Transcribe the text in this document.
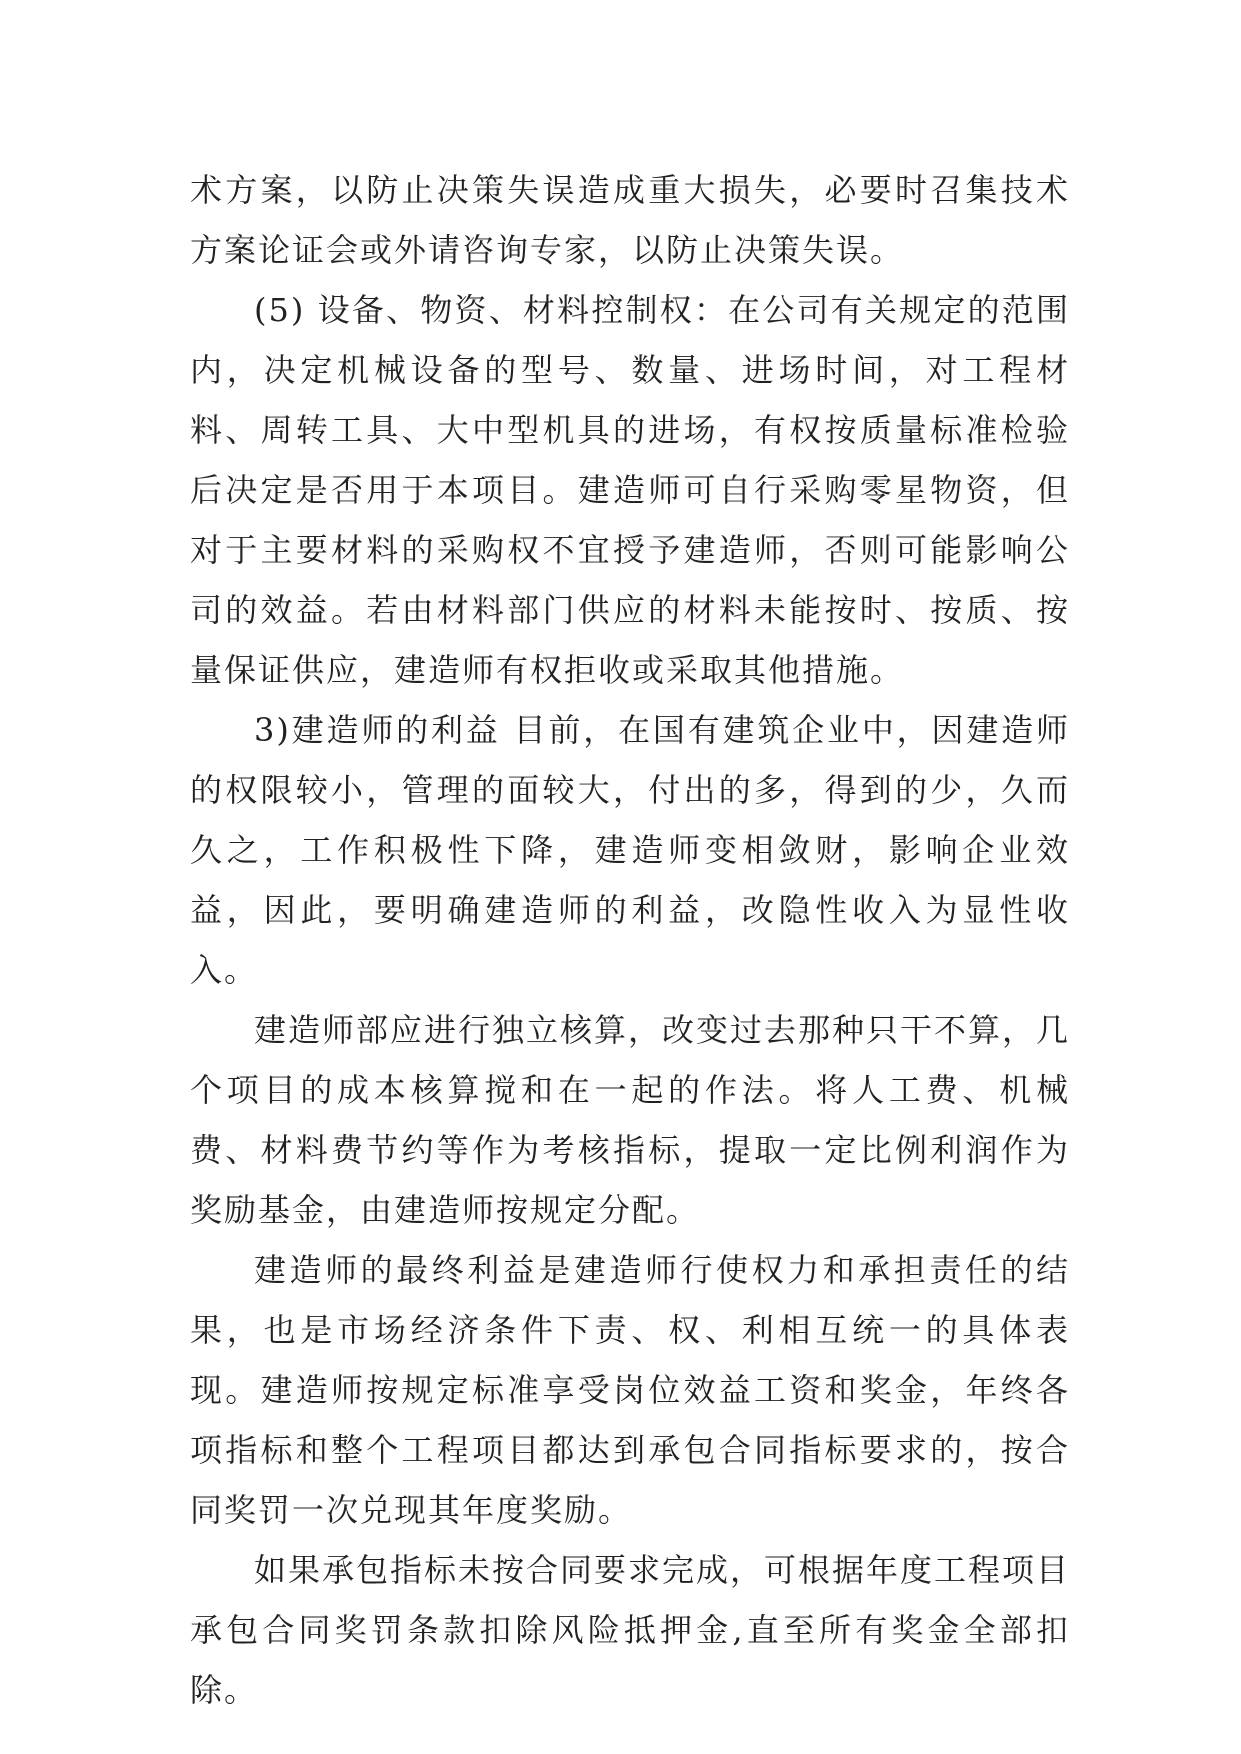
术方案，以防止决策失误造成重大损失，必要时召集技术方案论证会或外请咨询专家，以防止决策失误。

(5) 设备、物资、材料控制权：在公司有关规定的范围内，决定机械设备的型号、数量、进场时间，对工程材料、周转工具、大中型机具的进场，有权按质量标准检验后决定是否用于本项目。建造师可自行采购零星物资，但对于主要材料的采购权不宜授予建造师，否则可能影响公司的效益。若由材料部门供应的材料未能按时、按质、按量保证供应，建造师有权拒收或采取其他措施。

3)建造师的利益 目前，在国有建筑企业中，因建造师的权限较小，管理的面较大，付出的多，得到的少，久而久之，工作积极性下降，建造师变相敛财，影响企业效益，因此，要明确建造师的利益，改隐性收入为显性收入。

建造师部应进行独立核算，改变过去那种只干不算，几个项目的成本核算搅和在一起的作法。将人工费、机械费、材料费节约等作为考核指标，提取一定比例利润作为奖励基金，由建造师按规定分配。

建造师的最终利益是建造师行使权力和承担责任的结果，也是市场经济条件下责、权、利相互统一的具体表现。建造师按规定标准享受岗位效益工资和奖金，年终各项指标和整个工程项目都达到承包合同指标要求的，按合同奖罚一次兑现其年度奖励。

如果承包指标未按合同要求完成，可根据年度工程项目承包合同奖罚条款扣除风险抵押金,直至所有奖金全部扣除。
